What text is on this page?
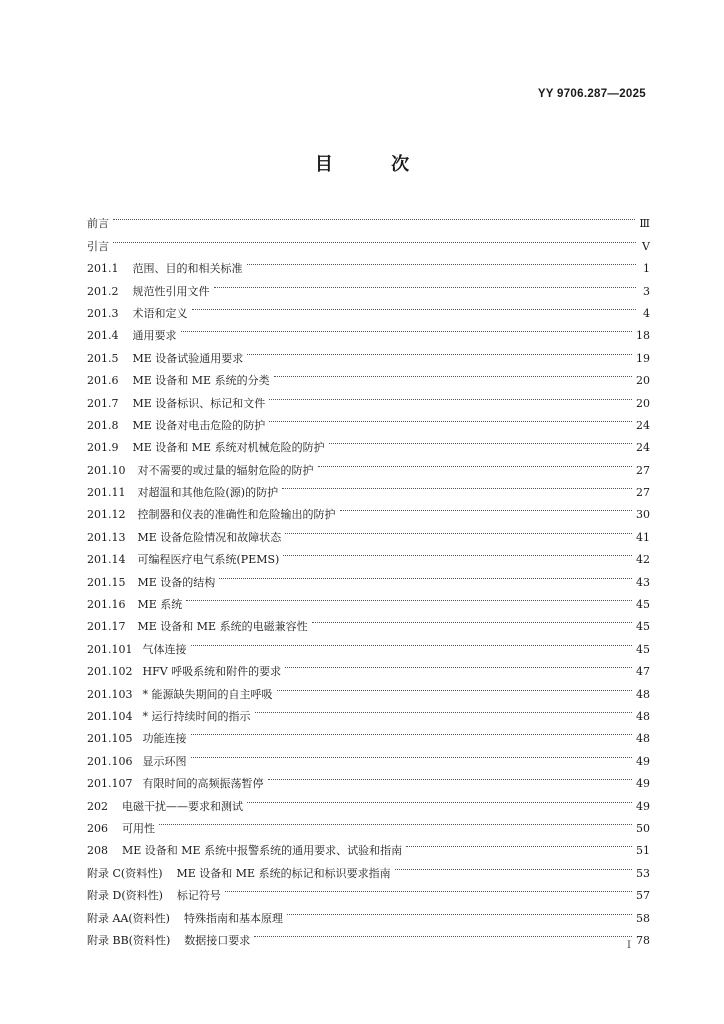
YY 9706.287—2025
目 次
前言	Ⅲ
引言	Ⅴ
201.1 范围、目的和相关标准	1
201.2 规范性引用文件	3
201.3 术语和定义	4
201.4 通用要求	18
201.5 ME 设备试验通用要求	19
201.6 ME 设备和 ME 系统的分类	20
201.7 ME 设备标识、标记和文件	20
201.8 ME 设备对电击危险的防护	24
201.9 ME 设备和 ME 系统对机械危险的防护	24
201.10 对不需要的或过量的辐射危险的防护	27
201.11 对超温和其他危险(源)的防护	27
201.12 控制器和仪表的准确性和危险输出的防护	30
201.13 ME 设备危险情况和故障状态	41
201.14 可编程医疗电气系统(PEMS)	42
201.15 ME 设备的结构	43
201.16 ME 系统	45
201.17 ME 设备和 ME 系统的电磁兼容性	45
201.101 气体连接	45
201.102 HFV 呼吸系统和附件的要求	47
201.103 * 能源缺失期间的自主呼吸	48
201.104 * 运行持续时间的指示	48
201.105 功能连接	48
201.106 显示环图	49
201.107 有限时间的高频振荡暂停	49
202 电磁干扰——要求和测试	49
206 可用性	50
208 ME 设备和 ME 系统中报警系统的通用要求、试验和指南	51
附录 C(资料性) ME 设备和 ME 系统的标记和标识要求指南	53
附录 D(资料性) 标记符号	57
附录 AA(资料性) 特殊指南和基本原理	58
附录 BB(资料性) 数据接口要求	78
I
